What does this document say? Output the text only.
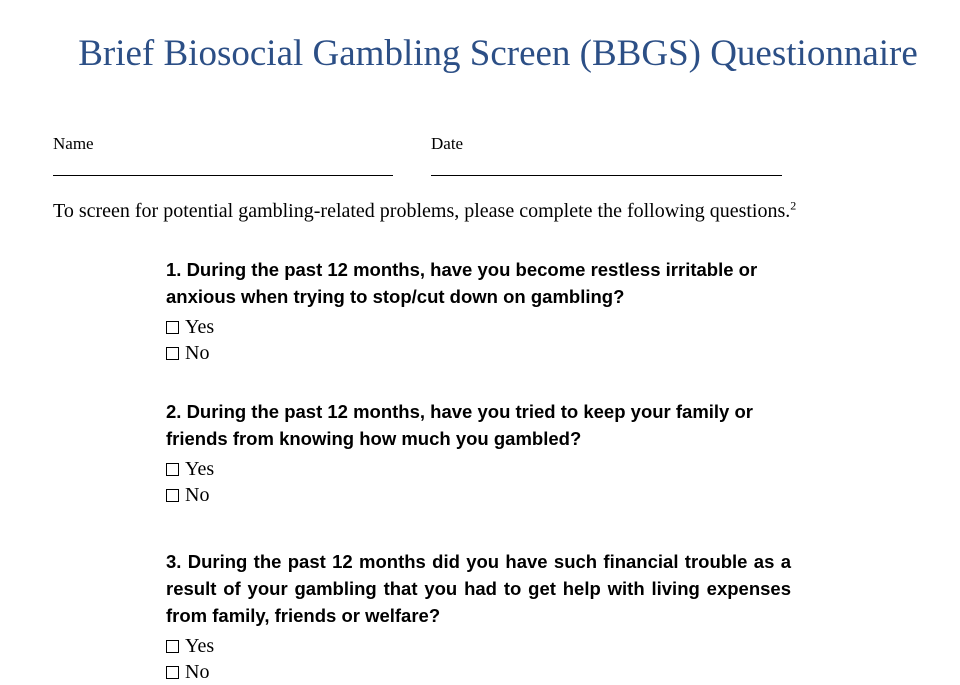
Brief Biosocial Gambling Screen (BBGS) Questionnaire
Name	Date
To screen for potential gambling-related problems, please complete the following questions.$^2$

1. During the past 12 months, have you become restless irritable or anxious when trying to stop/cut down on gambling?

Yes
No

2. During the past 12 months, have you tried to keep your family or friends from knowing how much you gambled?

Yes
No

3. During the past 12 months did you have such financial trouble as a result of your gambling that you had to get help with living expenses from family, friends or welfare?

Yes
No
